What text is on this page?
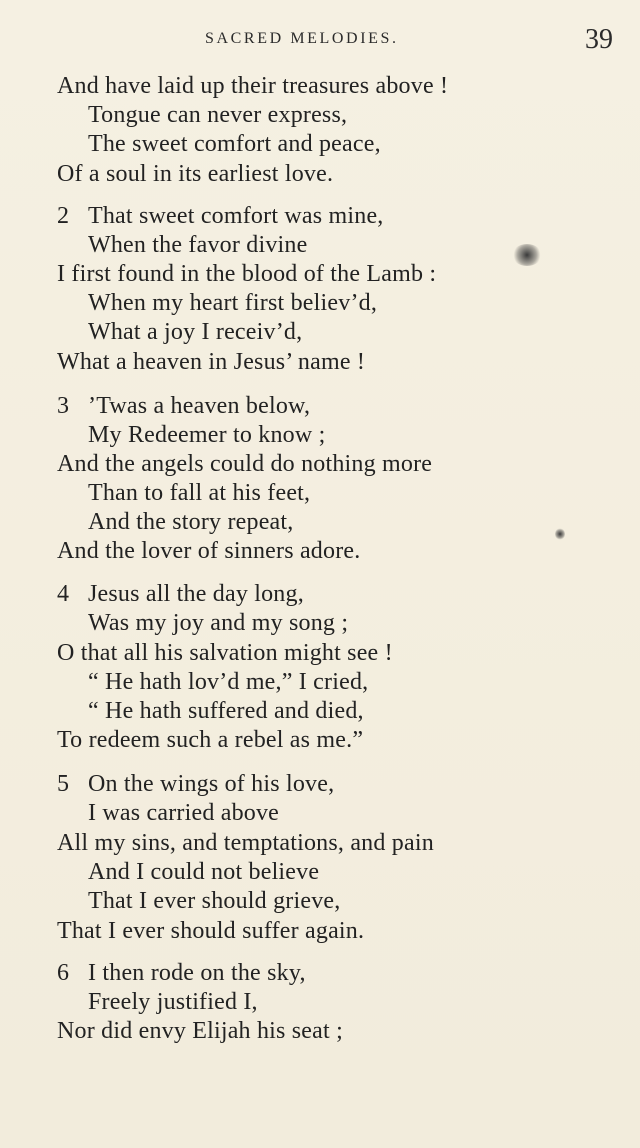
SACRED MELODIES.	39
And have laid up their treasures above !
Tongue can never express,
The sweet comfort and peace,
Of a soul in its earliest love.
2 That sweet comfort was mine,
When the favor divine
I first found in the blood of the Lamb :
When my heart first believ’d,
What a joy I receiv’d,
What a heaven in Jesus’ name !
3 ’Twas a heaven below,
My Redeemer to know ;
And the angels could do nothing more
Than to fall at his feet,
And the story repeat,
And the lover of sinners adore.
4 Jesus all the day long,
Was my joy and my song ;
O that all his salvation might see !
“ He hath lov’d me,” I cried,
“ He hath suffered and died,
To redeem such a rebel as me.”
5 On the wings of his love,
I was carried above
All my sins, and temptations, and pain
And I could not believe
That I ever should grieve,
That I ever should suffer again.
6 I then rode on the sky,
Freely justified I,
Nor did envy Elijah his seat ;
